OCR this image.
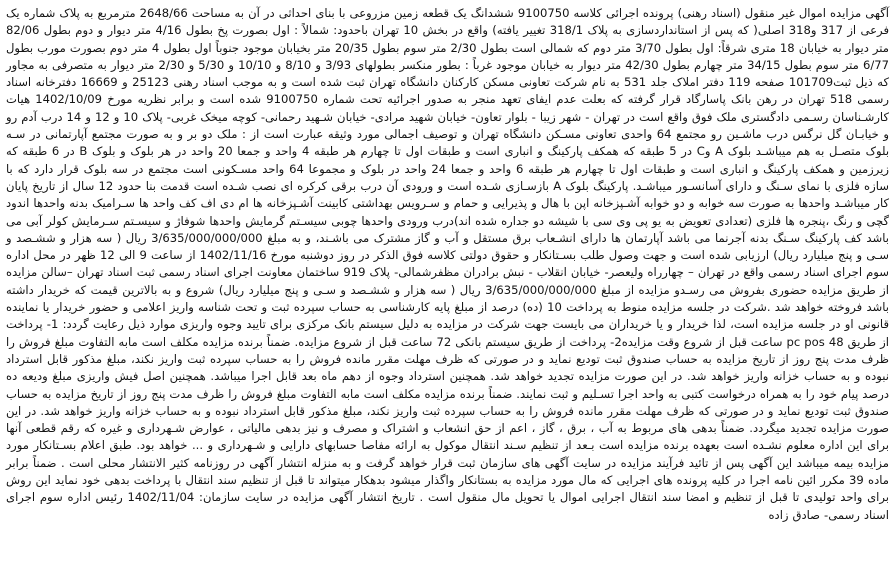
آگهی مزایده اموال غیر منقول (اسناد رهنی) پرونده اجرائی کلاسه 9100750 ششدانگ یک قطعه زمین مزروعی با بنای احداثی در آن به مساحت 2648/66 مترمربع به پلاک شماره یک فرعی از 317 و318 اصلی( که پس از استانداردسازی به پلاک 318/1 تغییر یافته) واقع در بخش 10 تهران باحدود: شمالاً : اول بصورت پخ بطول 4/16 متر دیوار و دوم بطول 82/06 متر دیوار به خیابان 18 متری شرقاً: اول بطول 3/70 متر دوم که شمالی است بطول 2/30 متر سوم بطول 20/35 متر بخیابان موجود جنوباً اول بطول 4 متر دوم بصورت مورب بطول 6/77 متر سوم بطول 34/15 متر چهارم بطول 42/30 متر دیوار به خیابان موجود غرباً : بطور منکسر بطولهای 3/93 و 8/10 و 10/10 و 5/30 و 2/30 متر دیوار به متصرفی به مجاور که ذیل ثبت101709 صفحه 119 دفتر املاک جلد 531 به نام شرکت تعاونی مسکن کارکنان دانشگاه تهران ثبت شده است و به موجب اسناد رهنی 25123 و 16669 دفترخانه اسناد رسمی 518 تهران در رهن بانک پاسارگاد قرار گرفته که بعلت عدم ایفای تعهد منجر به صدور اجرائیه تحت شماره 9100750 شده است و برابر نظریه مورخ 1402/10/09 هیات کارشـناسان رسـمی دادگستری ملک فوق واقع است در تهران - شهر زیبا - بلوار تعاون- خیابان شهید مرادی- خیابان شـهید رحمانی- کوچه میخک غربی- پلاک 10 و 12 و 14 درب آدم رو و خیابـان گل نرگس درب ماشـین رو مجتمع 64 واحدی تعاونی مسـکن دانشگاه تهران و توصیف اجمالی مورد وثیقه عبارت است از : ملک دو بر و به صورت مجتمع آپارتمانی در سـه بلوک متصـل به هم میباشـد بلوک A وC در 5 طبقه که همکف پارکینگ و انباری است و طبقات اول تا چهارم هر طبقه 4 واحد و جمعا 20 واحد در هر بلوک و بلوک B در 6 طبقه که زیرزمین و همکف پارکینگ و انباری است و طبقات اول تا چهارم هر طبقه 6 واحد و جمعا 24 واحد در بلوک و مجموعا 64 واحد مسـکونی است مجتمع در سه بلوک قرار دارد که با سازه فلزی با نمای سـنگ و دارای آسانسـور میباشـد. پارکینگ بلوک A بازسـازی شـده است و ورودی آن درب برقی کرکره ای نصب شـده است قدمت بنا حدود 12 سال از تاریخ پایان کار میباشـد واحدها به صورت سه خوابه و دو خوابه آشـپزخانه اپن با هال و پذیرایی و حمام و سـرویس بهداشتی کابینت آشـپزخانه ها ام دی اف کف واحد ها سـرامیک بدنه واحدها اندود گچی و رنگ ،پنجره ها فلزی (تعدادی تعویض به یو پی وی سی با شیشه دو جداره شده اند)درب ورودی واحدها چوبی سیسـتم گرمایش واحدها شوفاژ و سیسـتم سـرمایش کولر آبی می باشد کف پارکینگ سـنگ بدنه آجرنما می باشد آپارتمان ها دارای انشـعاب برق مستقل و آب و گاز مشترک می باشـند، و به مبلغ 3/635/000/000/000 ریال ( سه هزار و ششـصد و سـی و پنج میلیارد ریال) ارزیابی شده است و جهت وصول طلب بسـتانکار و حقوق دولتی کلاسه فوق الذکر در روز دوشنبه مورخ 1402/11/16 از ساعت 9 الی 12 ظهر در محل اداره سوم اجرای اسناد رسمی واقع در تهران – چهارراه ولیعصر- خیابان انقلاب - نبش برادران مظفرشمالی- پلاک 919 ساختمان معاونت اجرای اسناد رسمی ثبت اسناد تهران –سالن مزایده از طریق مزایده حضوری بفروش می رسـدو مزایده از مبلغ 3/635/000/000/000 ریال ( سه هزار و ششـصد و سـی و پنج میلیارد ریال) شروع و به بالاترین قیمت که خریدار داشته باشد فروخته خواهد شد .شرکت در جلسه مزایده منوط به پرداخت 10 (ده) درصد از مبلغ پایه کارشناسی به حساب سپرده ثبت و تحت شناسه واریز اعلامی و حضور خریدار یا نماینده قانونی او در جلسه مزایده است، لذا خریدار و یا خریداران می بایست جهت شرکت در مزایده به دلیل سیستم بانک مرکزی برای تایید وجوه واریزی موارد ذیل رعایت گردد: 1- پرداخت از طریق pc pos 48 ساعت قبل از شروع وقت مزایده2- پرداخت از طریق سیستم بانکی 72 ساعت قبل از شروع مزایده. ضمناً برنده مزایده مکلف است مابه التفاوت مبلغ فروش را ظرف مدت پنج روز از تاریخ مزایده به حساب صندوق ثبت تودیع نماید و در صورتی که ظرف مهلت مقرر مانده فروش را به حساب سپرده ثبت واریز نکند، مبلغ مذکور قابل استرداد نبوده و به حساب خزانه واریز خواهد شد. در این صورت مزایده تجدید خواهد شد. همچنین استرداد وجوه از دهم ماه بعد قابل اجرا میباشد. همچنین اصل فیش واریزی مبلغ ودیعه ده درصد پیام خود را به همراه درخواست کتبی به واحد اجرا تسـلیم و ثبت نمایند. ضمناً برنده مزایده مکلف است مابه التفاوت مبلغ فروش را ظرف مدت پنج روز از تاریخ مزایده به حساب صندوق ثبت تودیع نماید و در صورتی که ظرف مهلت مقرر مانده فروش را به حساب سپرده ثبت واریز نکند، مبلغ مذکور قابل استرداد نبوده و به حساب خزانه واریز خواهد شد. در این صورت مزایده تجدید میگردد. ضمناً بدهی های مربوط به آب ، برق ، گاز ، اعم از حق انشعاب و اشتراک و مصرف و نیز بدهی مالیاتی ، عوارض شـهرداری و غیره که رقم قطعی آنها برای این اداره معلوم نشـده است بعهده برنده مزایده است بـعد از تنظیم سـند انتقال موکول به ارائه مفاصا حسابهای دارایی و شـهرداری و ... خواهد بود. طبق اعلام بسـتانکار مورد مزایده بیمه میباشد این آگهی پس از تائید فرآیند مزایده در سایت آگهی های سازمان ثبت قرار خواهد گرفت و به منزله انتشار آگهی در روزنامه کثیر الانتشار محلی است . ضمناً برابر ماده 39 مکرر ائین نامه اجرا در کلیه پرونده های اجرایی که مال مورد مزایده به بستانکار واگذار میشود بدهکار میتواند تا قبل از تنظیم سند انتقال با پرداخت بدهی خود نماید این روش برای واحد تولیدی تا قبل از تنظیم و امضا سند انتقال اجرایی اموال یا تحویل مال منقول است . تاریخ انتشار آگهی مزایده در سایت سازمان: 1402/11/04 رئیس اداره سوم اجرای اسناد رسمی- صادق زاده
